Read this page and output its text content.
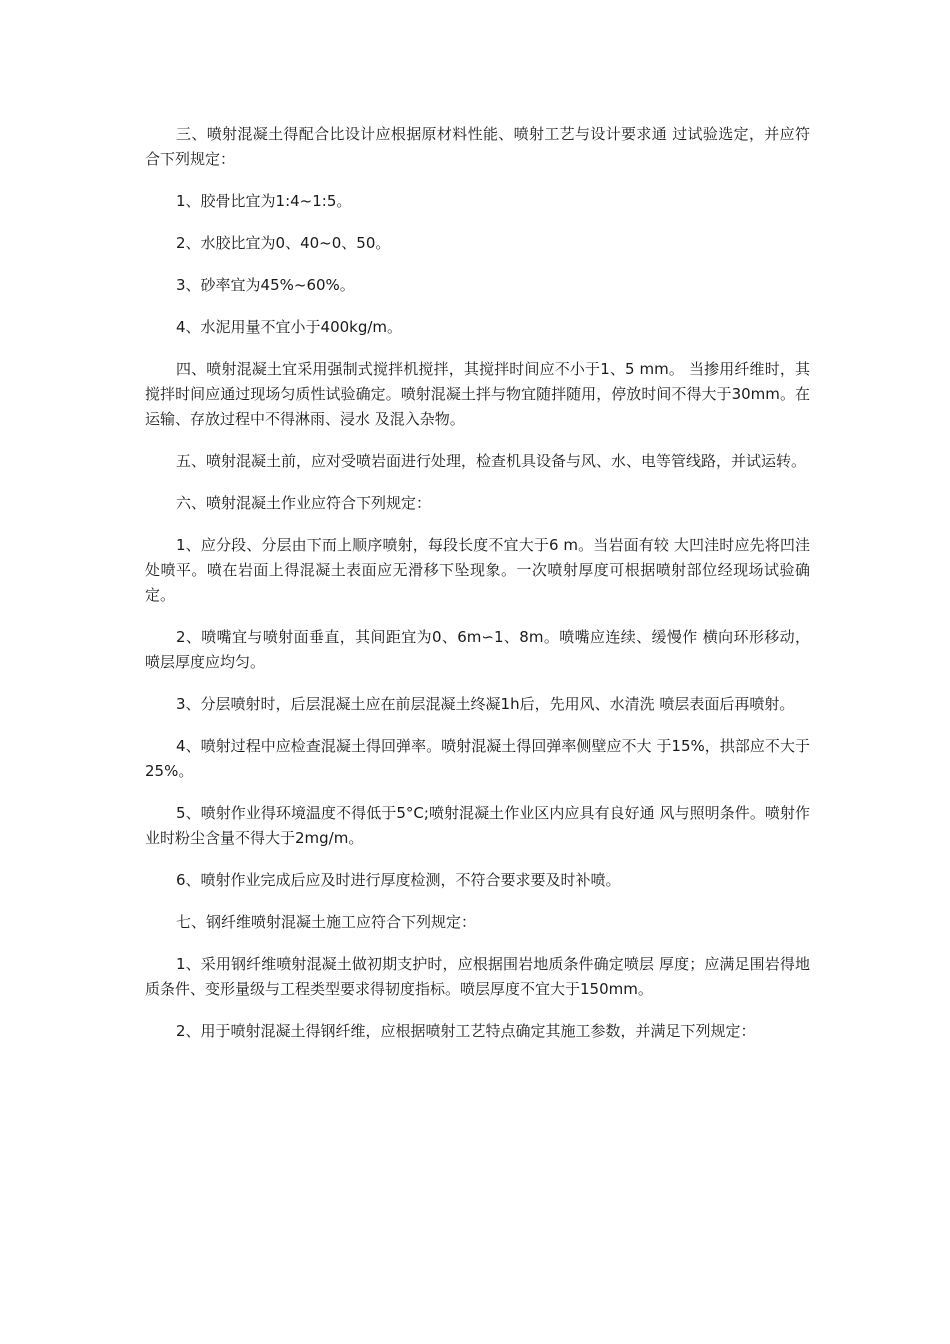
三、喷射混凝土得配合比设计应根据原材料性能、喷射工艺与设计要求通 过试验选定，并应符合下列规定：

1、胶骨比宜为1:4~1:5。

2、水胶比宜为0、40~0、50。

3、砂率宜为45%~60%。

4、水泥用量不宜小于400kg/m。

四、喷射混凝土宜采用强制式搅拌机搅拌，其搅拌时间应不小于1、5 mm。 当掺用纤维时，其搅拌时间应通过现场匀质性试验确定。喷射混凝土拌与物宜随拌随用，停放时间不得大于30mm。在运输、存放过程中不得淋雨、浸水 及混入杂物。

五、喷射混凝土前，应对受喷岩面进行处理，检查机具设备与风、水、电等管线路，并试运转。

六、喷射混凝土作业应符合下列规定：

1、应分段、分层由下而上顺序喷射，每段长度不宜大于6 m。当岩面有较 大凹洼时应先将凹洼处喷平。喷在岩面上得混凝土表面应无滑移下坠现象。一次喷射厚度可根据喷射部位经现场试验确定。

2、喷嘴宜与喷射面垂直，其间距宜为0、6m∽1、8m。喷嘴应连续、缓慢作 横向环形移动，喷层厚度应均匀。

3、分层喷射时，后层混凝土应在前层混凝土终凝1h后，先用风、水清洗 喷层表面后再喷射。

4、喷射过程中应检查混凝土得回弹率。喷射混凝土得回弹率侧壁应不大 于15%，拱部应不大于25%。

5、喷射作业得环境温度不得低于5°C;喷射混凝土作业区内应具有良好通 风与照明条件。喷射作业时粉尘含量不得大于2mg/m。

6、喷射作业完成后应及时进行厚度检测，不符合要求要及时补喷。

七、钢纤维喷射混凝土施工应符合下列规定：

1、采用钢纤维喷射混凝土做初期支护时，应根据围岩地质条件确定喷层 厚度；应满足围岩得地质条件、变形量级与工程类型要求得韧度指标。喷层厚度不宜大于150mm。

2、用于喷射混凝土得钢纤维，应根据喷射工艺特点确定其施工参数，并满足下列规定：
